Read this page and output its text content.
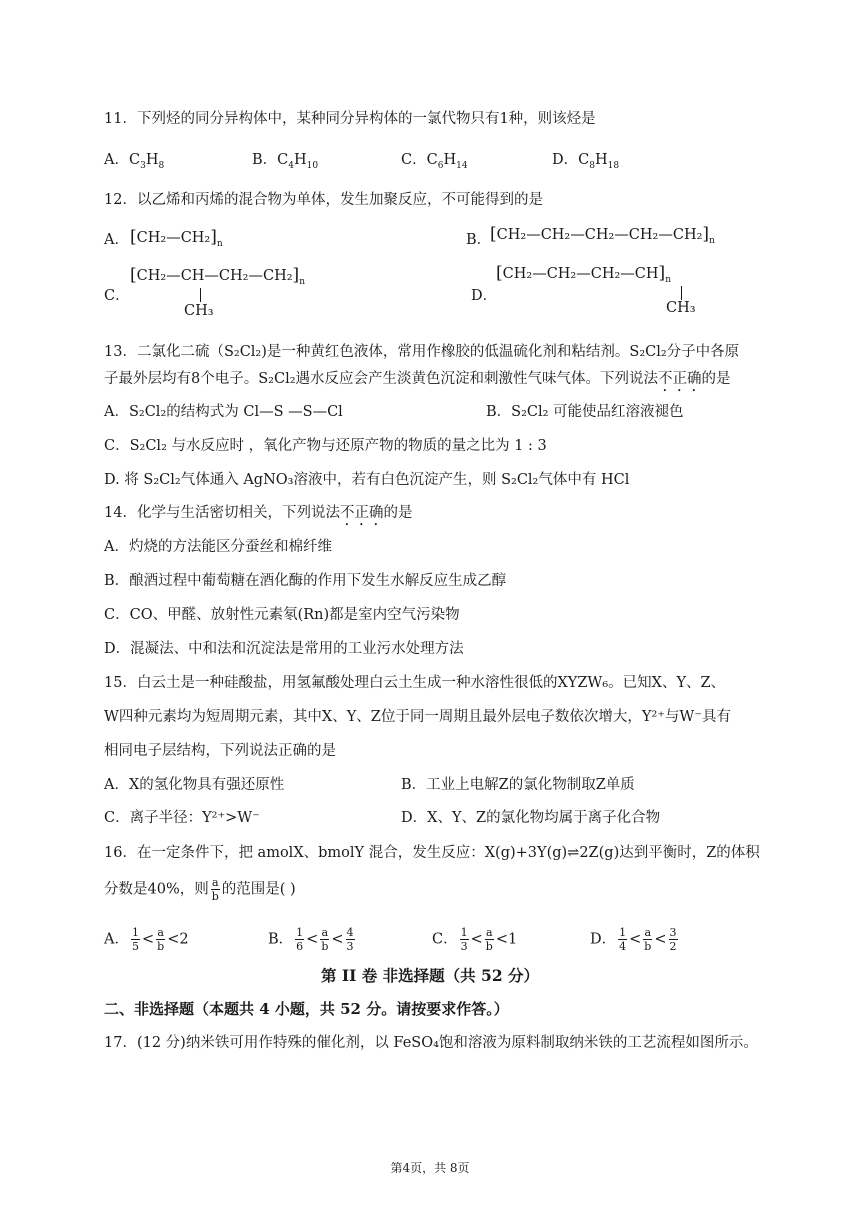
11．下列烃的同分异构体中，某种同分异构体的一氯代物只有1种，则该烃是
A．$C_3H_8$	B．$C_4H_{10}$	C．$C_6H_{14}$	D．$C_8H_{18}$
12．以乙烯和丙烯的混合物为单体，发生加聚反应，不可能得到的是
A． $[CH_2—CH_2]_n$	B．
$[CH_2—CH_2—CH_2—CH_2—CH_2]_n$
C．
$[CH_2—CH—CH_2—CH_2]_n$
CH₃
D．
$[CH_2—CH_2—CH_2—CH]_n$
CH₃
13．二氯化二硫（S₂Cl₂)是一种黄红色液体，常用作橡胶的低温硫化剂和粘结剂。S₂Cl₂分子中各原
子最外层均有8个电子。S₂Cl₂遇水反应会产生淡黄色沉淀和刺激性气味气体。下列说法不正确的是
A．S₂Cl₂的结构式为 Cl—S —S—Cl	B．S₂Cl₂ 可能使品红溶液褪色
C．S₂Cl₂ 与水反应时 ，氧化产物与还原产物的物质的量之比为 1 : 3
D. 将 S₂Cl₂气体通入 AgNO₃溶液中，若有白色沉淀产生，则 S₂Cl₂气体中有 HCl
14．化学与生活密切相关，下列说法不正确的是
A．灼烧的方法能区分蚕丝和棉纤维
B．酿酒过程中葡萄糖在酒化酶的作用下发生水解反应生成乙醇
C．CO、甲醛、放射性元素氡(Rn)都是室内空气污染物
D．混凝法、中和法和沉淀法是常用的工业污水处理方法
15．白云土是一种硅酸盐，用氢氟酸处理白云土生成一种水溶性很低的XYZW₆。已知X、Y、Z、
W四种元素均为短周期元素，其中X、Y、Z位于同一周期且最外层电子数依次增大，Y²⁺与W⁻具有
相同电子层结构，下列说法正确的是
A．X的氢化物具有强还原性	B．工业上电解Z的氯化物制取Z单质
C．离子半径：Y²⁺>W⁻	D．X、Y、Z的氯化物均属于离子化合物
16．在一定条件下，把 amolX、bmolY 混合，发生反应：X(g)+3Y(g)⇌2Z(g)达到平衡时，Z的体积
分数是40%，则 $\frac{a}{b}$ 的范围是( )
A． $\frac{1}{5} < \frac{a}{b} <2$	B． $\frac{1}{6} < \frac{a}{b} < \frac{4}{3}$	C． $\frac{1}{3} < \frac{a}{b} <1$	D． $\frac{1}{4} < \frac{a}{b} < \frac{3}{2}$
第 II 卷 非选择题（共 52 分）
二、非选择题（本题共 4 小题，共 52 分。请按要求作答。）
17．(12 分)纳米铁可用作特殊的催化剂，以 FeSO₄饱和溶液为原料制取纳米铁的工艺流程如图所示。
第4页，共 8页
